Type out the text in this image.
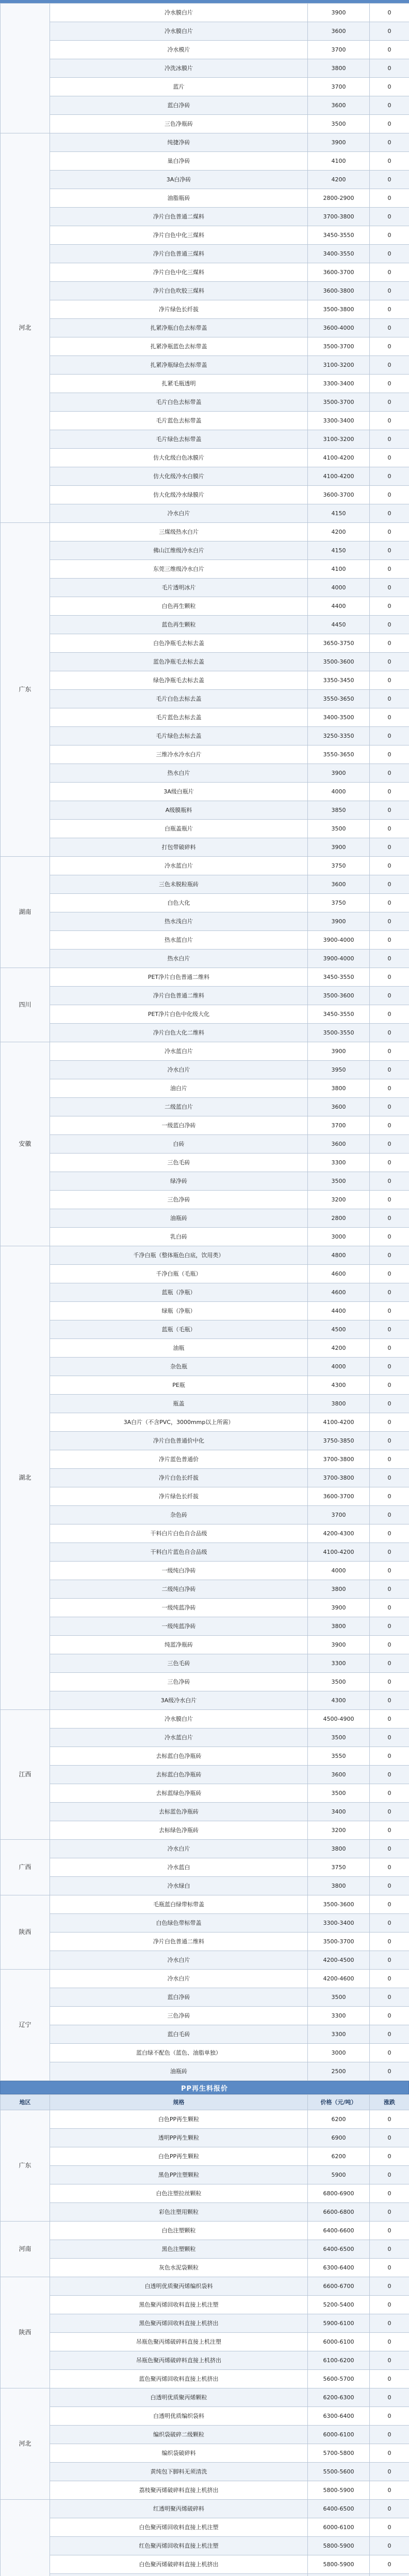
冷水膜白片	3900	0
冷水膜白片	3600	0
冷水模片	3700	0
冷洗冰膜片	3800	0
蓝片	3700	0
蓝白净砖	3600	0
三色净瓶砖	3500	0
河北
纯捷净砖	3900	0
巢白净砖	4100	0
3A白净砖	4200	0
油脂瓶砖	2800-2900	0
净片白色普通二煤料	3700-3800	0
净片白色中化三煤料	3450-3550	0
净片白色普通三煤料	3400-3550	0
净片白色中化三煤料	3600-3700	0
净片白色吹胶三煤料	3600-3800	0
净片绿色长纤拔	3500-3800	0
扎紧净瓶白色去标带盖	3600-4000	0
扎紧净瓶蓝色去标带盖	3500-3700	0
扎紧净瓶绿色去标带盖	3100-3200	0
扎紧毛瓶透明	3300-3400	0
毛片白色去标带盖	3500-3700	0
毛片蓝色去标带盖	3300-3400	0
毛片绿色去标带盖	3100-3200	0
仿大化级白色冰膜片	4100-4200	0
仿大化级冷水白膜片	4100-4200	0
仿大化级冷水绿膜片	3600-3700	0
冷水白片	4150	0
广东
三煤级热水白片	4200	0
佛山江维级冷水白片	4150	0
东莞三维级冷水白片	4100	0
毛片透明冰片	4000	0
白色再生颗粒	4400	0
蓝色再生颗粒	4450	0
白色净瓶毛去标去盖	3650-3750	0
蓝色净瓶毛去标去盖	3500-3600	0
绿色净瓶毛去标去盖	3350-3450	0
毛片白色去标去盖	3550-3650	0
毛片蓝色去标去盖	3400-3500	0
毛片绿色去标去盖	3250-3350	0
三维冷水冷水白片	3550-3650	0
热水白片	3900	0
3A级白瓶片	4000	0
A级膜瓶料	3850	0
白瓶盖瓶片	3500	0
打包带破碎料	3900	0
湖南
冷水蓝白片	3750	0
三色未脱粒瓶砖	3600	0
白色大化	3750	0
热水浅白片	3900	0
热水蓝白片	3900-4000	0
热水白片	3900-4000	0
四川
PET净片白色普通二维料	3450-3550	0
净片白色普通二维料	3500-3600	0
PET净片白色中化级大化	3450-3550	0
净片白色大化二维料	3500-3550	0
安徽
冷水蓝白片	3900	0
冷水白片	3950	0
油白片	3800	0
二级蓝白片	3600	0
一级蓝白净砖	3700	0
白砖	3600	0
三色毛砖	3300	0
绿净砖	3500	0
三色净砖	3200	0
油瓶砖	2800	0
乳白砖	3000	0
湖北
千净白瓶（整体瓶色白底，饮用类）	4800	0
千净白瓶（毛瓶）	4600	0
蓝瓶（净瓶）	4600	0
绿瓶（净瓶）	4400	0
蓝瓶（毛瓶）	4500	0
油瓶	4200	0
杂色瓶	4000	0
PE瓶	4300	0
瓶盖	3800	0
3A白片（不含PVC，3000mmp以上所需）	4100-4200	0
净片白色普通价中化	3750-3850	0
净片蓝色普通价	3700-3800	0
净片白色长纤拔	3700-3800	0
净片绿色长纤拔	3600-3700	0
杂色砖	3700	0
干料白片白色自合品级	4200-4300	0
干料白片蓝色自合品级	4100-4200	0
一级纯白净砖	4000	0
二级纯白净砖	3800	0
一级纯蓝净砖	3900	0
一级纯蓝净砖	3800	0
纯蓝净瓶砖	3900	0
三色毛砖	3300	0
三色净砖	3500	0
3A级冷水白片	4300	0
江西
冷水膜白片	4500-4900	0
冷水蓝白片	3500	0
去标蓝白色净瓶砖	3550	0
去标蓝白色净瓶砖	3600	0
去标蓝绿色净瓶砖	3500	0
去标蓝色净瓶砖	3400	0
去标绿色净瓶砖	3200	0
广西
冷水白片	3800	0
冷水蓝白	3750	0
冷水绿白	3800	0
陕西
毛瓶蓝白绿带标带盖	3500-3600	0
白色绿色带标带盖	3300-3400	0
净片白色普通二维料	3500-3700	0
冷水白片	4200-4500	0
辽宁
冷水白片	4200-4600	0
蓝白净砖	3500	0
三色净砖	3300	0
蓝白毛砖	3300	0
蓝白绿不配色（蓝色、油脂单独）	3000	0
油瓶砖	2500	0
PP再生料报价
地区	规格	价格（元/吨）	涨跌
广东
白色PP再生颗粒	6200	0
透明PP再生颗粒	6900	0
白色PP再生颗粒	6200	0
黑色PP注塑颗粒	5900	0
白色注塑拉丝颗粒	6800-6900	0
彩色注塑用颗粒	6600-6800	0
河南
白色注塑颗粒	6400-6600	0
黑色注塑颗粒	6400-6500	0
灰色水泥袋颗粒	6300-6400	0
陕西
白透明优质聚丙烯编织袋料	6600-6700	0
黑色聚丙烯回收料直接上机注塑	5200-5400	0
黑色聚丙烯回收料直接上机挤出	5900-6100	0
吊瓶色聚丙烯破碎料直接上机注塑	6000-6100	0
吊瓶色聚丙烯破碎料直接上机挤出	6100-6200	0
蓝色聚丙烯回收料直接上机挤出	5600-5700	0
河北
白透明优质聚丙烯颗粒	6200-6300	0
白透明优质编织袋料	6300-6400	0
编织袋破碎二级颗粒	6000-6100	0
编织袋破碎料	5700-5800	0
黄纯包下脚料无须清洗	5500-5600	0
荔枝聚丙烯破碎料直接上机挤出	5800-5900	0
红透明聚丙烯破碎料	6400-6500	0
白色聚丙烯回收料直接上机注塑	6000-6100	0
红色聚丙烯回收料直接上机注塑	5800-5900	0
白色聚丙烯破碎料直接上机挤出	5800-5900	0
